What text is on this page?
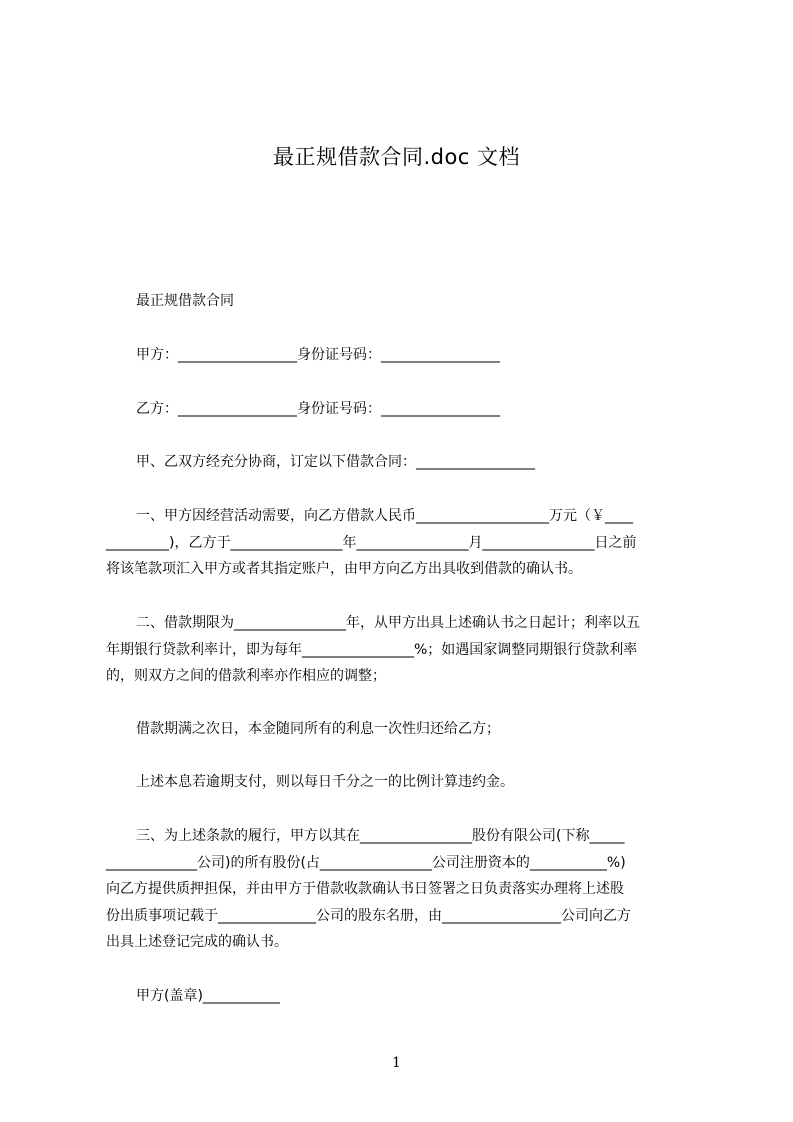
最正规借款合同.doc 文档
最正规借款合同
甲方：_________________身份证号码：_________________
乙方：_________________身份证号码：_________________
甲、乙双方经充分协商，订定以下借款合同：_________________
一、甲方因经营活动需要，向乙方借款人民币___________________万元（￥____
_________)，乙方于________________年________________月________________日之前
将该笔款项汇入甲方或者其指定账户，由甲方向乙方出具收到借款的确认书。
二、借款期限为________________年，从甲方出具上述确认书之日起计；利率以五
年期银行贷款利率计，即为每年________________%；如遇国家调整同期银行贷款利率
的，则双方之间的借款利率亦作相应的调整；
借款期满之次日，本金随同所有的利息一次性归还给乙方；
上述本息若逾期支付，则以每日千分之一的比例计算违约金。
三、为上述条款的履行，甲方以其在________________股份有限公司(下称_____
_____________公司)的所有股份(占________________公司注册资本的___________%)
向乙方提供质押担保，并由甲方于借款收款确认书日签署之日负责落实办理将上述股
份出质事项记载于______________公司的股东名册，由_________________公司向乙方
出具上述登记完成的确认书。
甲方(盖章)___________
1
